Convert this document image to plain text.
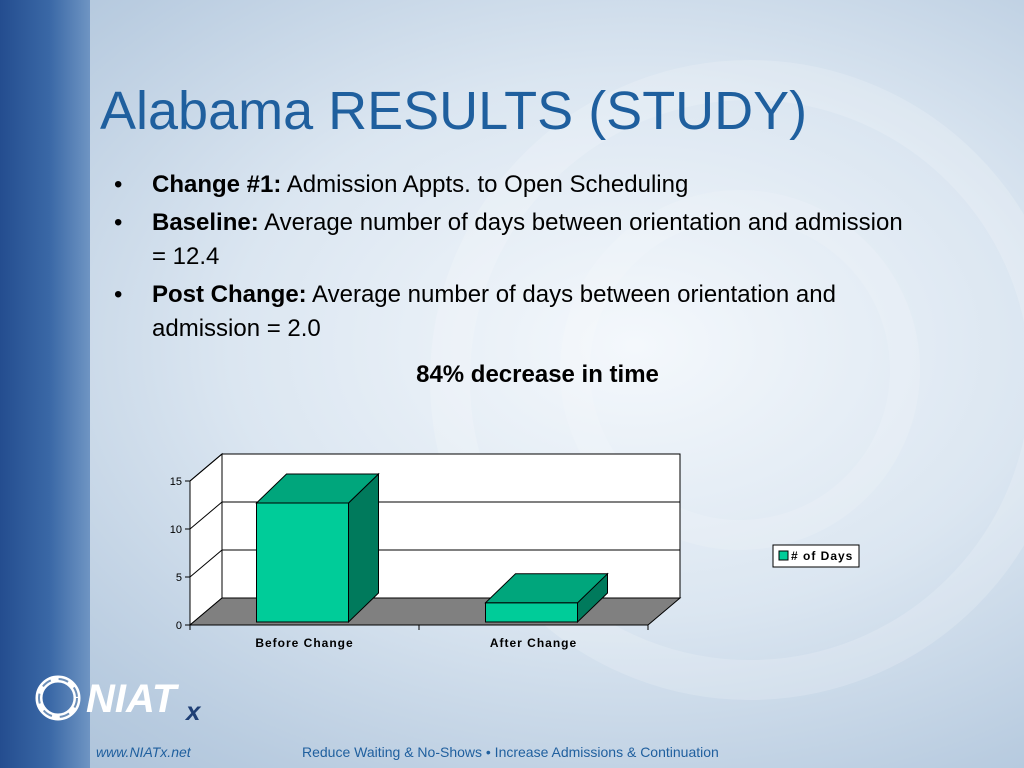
Alabama RESULTS (STUDY)
• Change #1: Admission Appts. to Open Scheduling
• Baseline: Average number of days between orientation and admission = 12.4
• Post Change: Average number of days between orientation and admission = 2.0
84% decrease in time
0
5
10
15
Before Change	After Change
# of Days
NIAT x
www.NIATx.net	Reduce Waiting & No-Shows • Increase Admissions & Continuation
